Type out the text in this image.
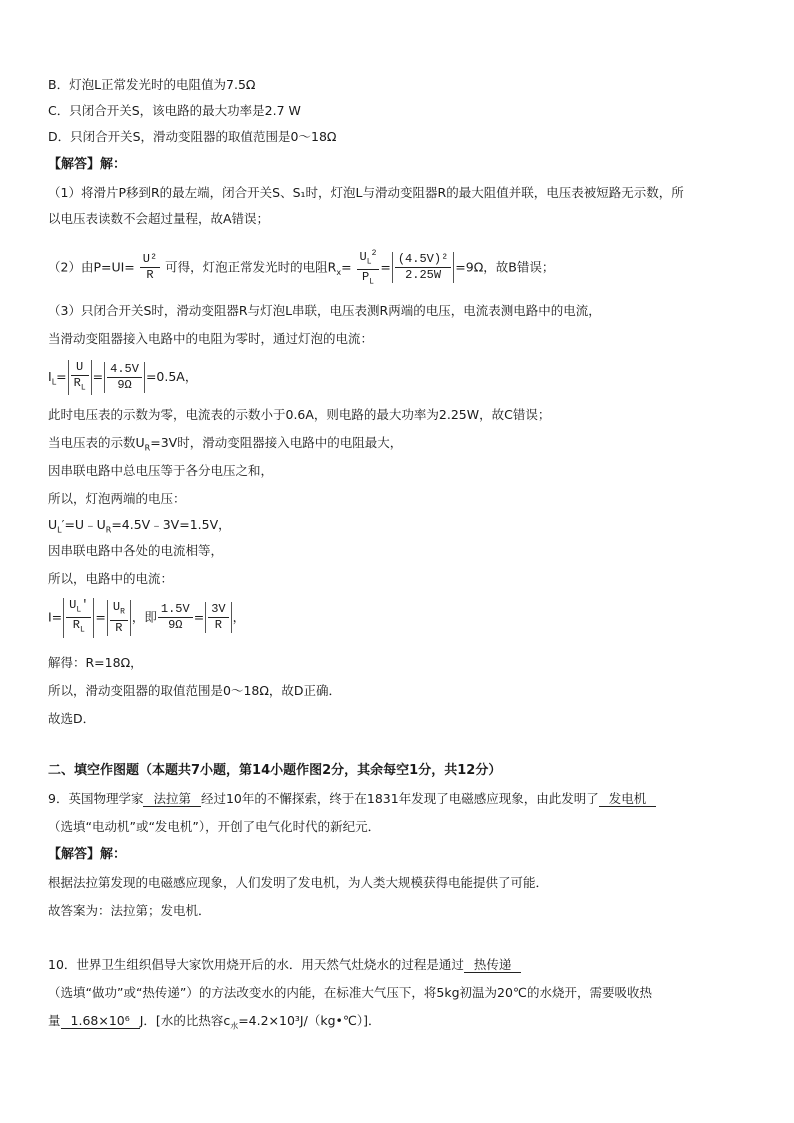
B．灯泡L正常发光时的电阻值为7.5Ω
C．只闭合开关S，该电路的最大功率是2.7 W
D．只闭合开关S，滑动变阻器的取值范围是0～18Ω
【解答】解：
（1）将滑片P移到R的最左端，闭合开关S、S₁时，灯泡L与滑动变阻器R的最大阻值并联，电压表被短路无示数，所
以电压表读数不会超过量程，故A错误；
（2）由$P=UI= \frac{\text{U²}}{R}$ 可得，灯泡正常发光时的电阻$R_x= \frac{U_L^2}{P_L} = \frac{\text{(4.5V)²}}{2.25W} =9\Omega$，故B错误；
（3）只闭合开关S时，滑动变阻器R与灯泡L串联，电压表测R两端的电压，电流表测电路中的电流，
当滑动变阻器接入电路中的电阻为零时，通过灯泡的电流：
$I_L= \frac{U}{R_L} = \frac{4.5V}{9\Omega} =0.5A$，
此时电压表的示数为零，电流表的示数小于0.6A，则电路的最大功率为2.25W，故C错误；
当电压表的示数$U_R=3V$时，滑动变阻器接入电路中的电阻最大，
因串联电路中总电压等于各分电压之和，
所以，灯泡两端的电压：
$U_L'=U﹣U_R=4.5V﹣3V=1.5V$，
因串联电路中各处的电流相等，
所以，电路中的电流：
$I= \frac{U_L'}{R_L} = \frac{U_R}{R}$ ，即 $\frac{1.5V}{9\Omega} = \frac{3V}{R}$ ，
解得：R=18Ω，
所以，滑动变阻器的取值范围是0～18Ω，故D正确．
故选D．
二、填空作图题（本题共7小题，第14小题作图2分，其余每空1分，共12分）
9．英国物理学家 法拉第 经过10年的不懈探索，终于在1831年发现了电磁感应现象，由此发明了 发电机
（选填“电动机”或“发电机”），开创了电气化时代的新纪元．
【解答】解：
根据法拉第发现的电磁感应现象，人们发明了发电机，为人类大规模获得电能提供了可能．
故答案为：法拉第；发电机．
10．世界卫生组织倡导大家饮用烧开后的水．用天然气灶烧水的过程是通过 热传递
（选填“做功”或“热传递”）的方法改变水的内能，在标准大气压下，将5kg初温为20℃的水烧开，需要吸收热
量 1.68×10⁶ J．[水的比热容$c_水=4.2\times 10^3J/(kg•℃)$]．
